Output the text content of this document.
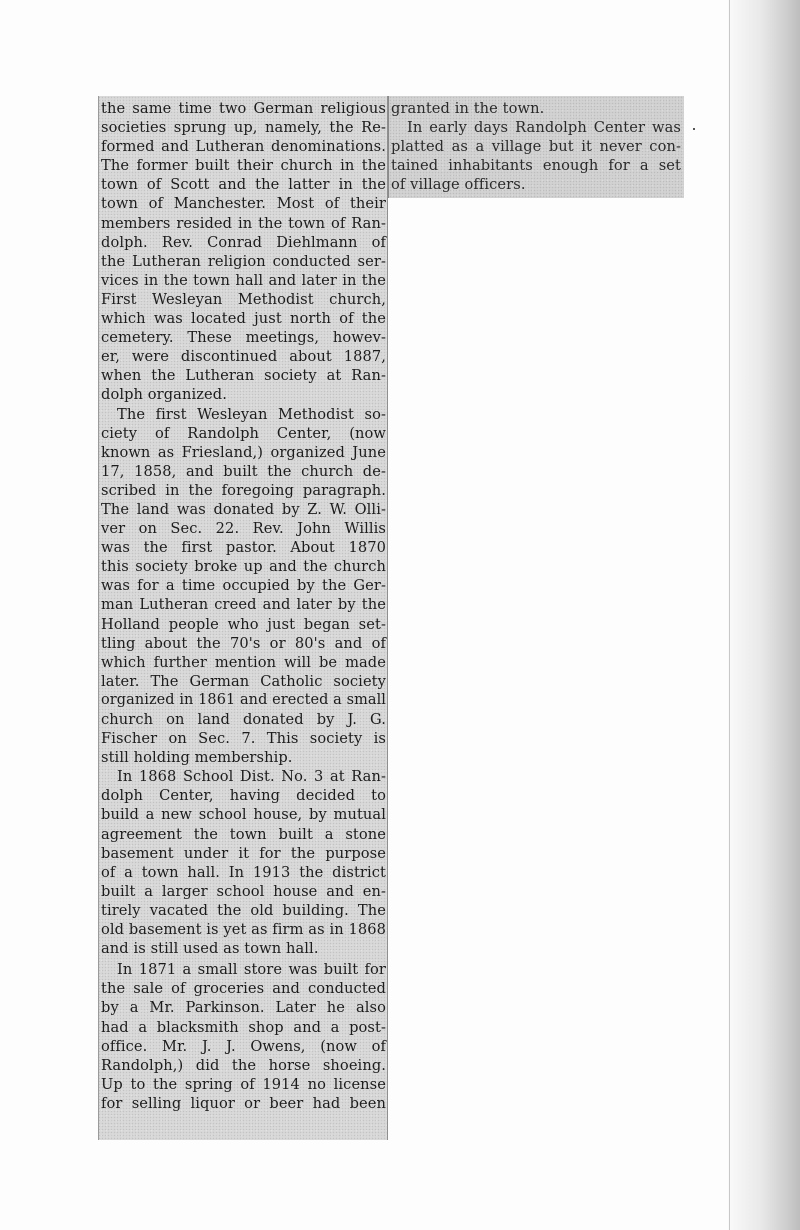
the same time two German religious
societies sprung up, namely, the Re-
formed and Lutheran denominations.
The former built their church in the
town of Scott and the latter in the
town of Manchester. Most of their
members resided in the town of Ran-
dolph. Rev. Conrad Diehlmann of
the Lutheran religion conducted ser-
vices in the town hall and later in the
First Wesleyan Methodist church,
which was located just north of the
cemetery. These meetings, howev-
er, were discontinued about 1887,
when the Lutheran society at Ran-
dolph organized.
The first Wesleyan Methodist so-
ciety of Randolph Center, (now
known as Friesland,) organized June
17, 1858, and built the church de-
scribed in the foregoing paragraph.
The land was donated by Z. W. Olli-
ver on Sec. 22. Rev. John Willis
was the first pastor. About 1870
this society broke up and the church
was for a time occupied by the Ger-
man Lutheran creed and later by the
Holland people who just began set-
tling about the 70's or 80's and of
which further mention will be made
later. The German Catholic society
organized in 1861 and erected a small
church on land donated by J. G.
Fischer on Sec. 7. This society is
still holding membership.
In 1868 School Dist. No. 3 at Ran-
dolph Center, having decided to
build a new school house, by mutual
agreement the town built a stone
basement under it for the purpose
of a town hall. In 1913 the district
built a larger school house and en-
tirely vacated the old building. The
old basement is yet as firm as in 1868
and is still used as town hall.
In 1871 a small store was built for
the sale of groceries and conducted
by a Mr. Parkinson. Later he also
had a blacksmith shop and a post-
office. Mr. J. J. Owens, (now of
Randolph,) did the horse shoeing.
Up to the spring of 1914 no license
for selling liquor or beer had been
granted in the town.
In early days Randolph Center was
platted as a village but it never con-
tained inhabitants enough for a set
of village officers.
